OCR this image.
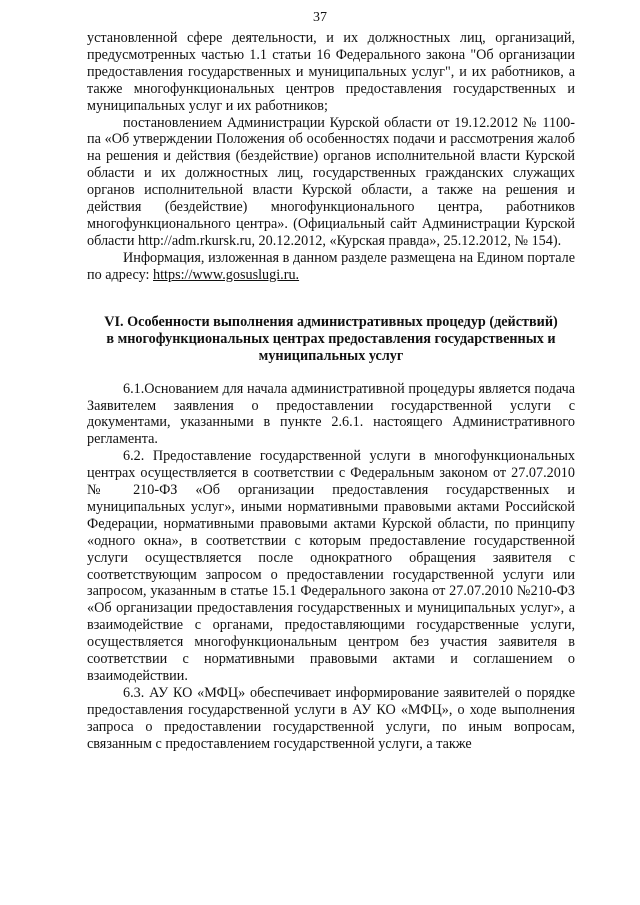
37

установленной сфере деятельности, и их должностных лиц, организаций, предусмотренных частью 1.1 статьи 16 Федерального закона "Об организации предоставления государственных и муниципальных услуг", и их работников, а также многофункциональных центров предоставления государственных и муниципальных услуг и их работников;

постановлением Администрации Курской области от 19.12.2012 № 1100-па «Об утверждении Положения об особенностях подачи и рассмотрения жалоб на решения и действия (бездействие) органов исполнительной власти Курской области и их должностных лиц, государственных гражданских служащих органов исполнительной власти Курской области, а также на решения и действия (бездействие) многофункционального центра, работников многофункционального центра». (Официальный сайт Администрации Курской области http://adm.rkursk.ru, 20.12.2012, «Курская правда», 25.12.2012, № 154).

Информация, изложенная в данном разделе размещена на Едином портале по адресу: https://www.gosuslugi.ru.

VI. Особенности выполнения административных процедур (действий)
в многофункциональных центрах предоставления государственных и
муниципальных услуг

6.1.Основанием для начала административной процедуры является подача Заявителем заявления о предоставлении государственной услуги с документами, указанными в пункте 2.6.1. настоящего Административного регламента.

6.2. Предоставление государственной услуги в многофункциональных центрах осуществляется в соответствии с Федеральным законом от 27.07.2010 № 210-ФЗ «Об организации предоставления государственных и муниципальных услуг», иными нормативными правовыми актами Российской Федерации, нормативными правовыми актами Курской области, по принципу «одного окна», в соответствии с которым предоставление государственной услуги осуществляется после однократного обращения заявителя с соответствующим запросом о предоставлении государственной услуги или запросом, указанным в статье 15.1 Федерального закона от 27.07.2010 №210-ФЗ «Об организации предоставления государственных и муниципальных услуг», а взаимодействие с органами, предоставляющими государственные услуги, осуществляется многофункциональным центром без участия заявителя в соответствии с нормативными правовыми актами и соглашением о взаимодействии.

6.3. АУ КО «МФЦ» обеспечивает информирование заявителей о порядке предоставления государственной услуги в АУ КО «МФЦ», о ходе выполнения запроса о предоставлении государственной услуги, по иным вопросам, связанным с предоставлением государственной услуги, а также
